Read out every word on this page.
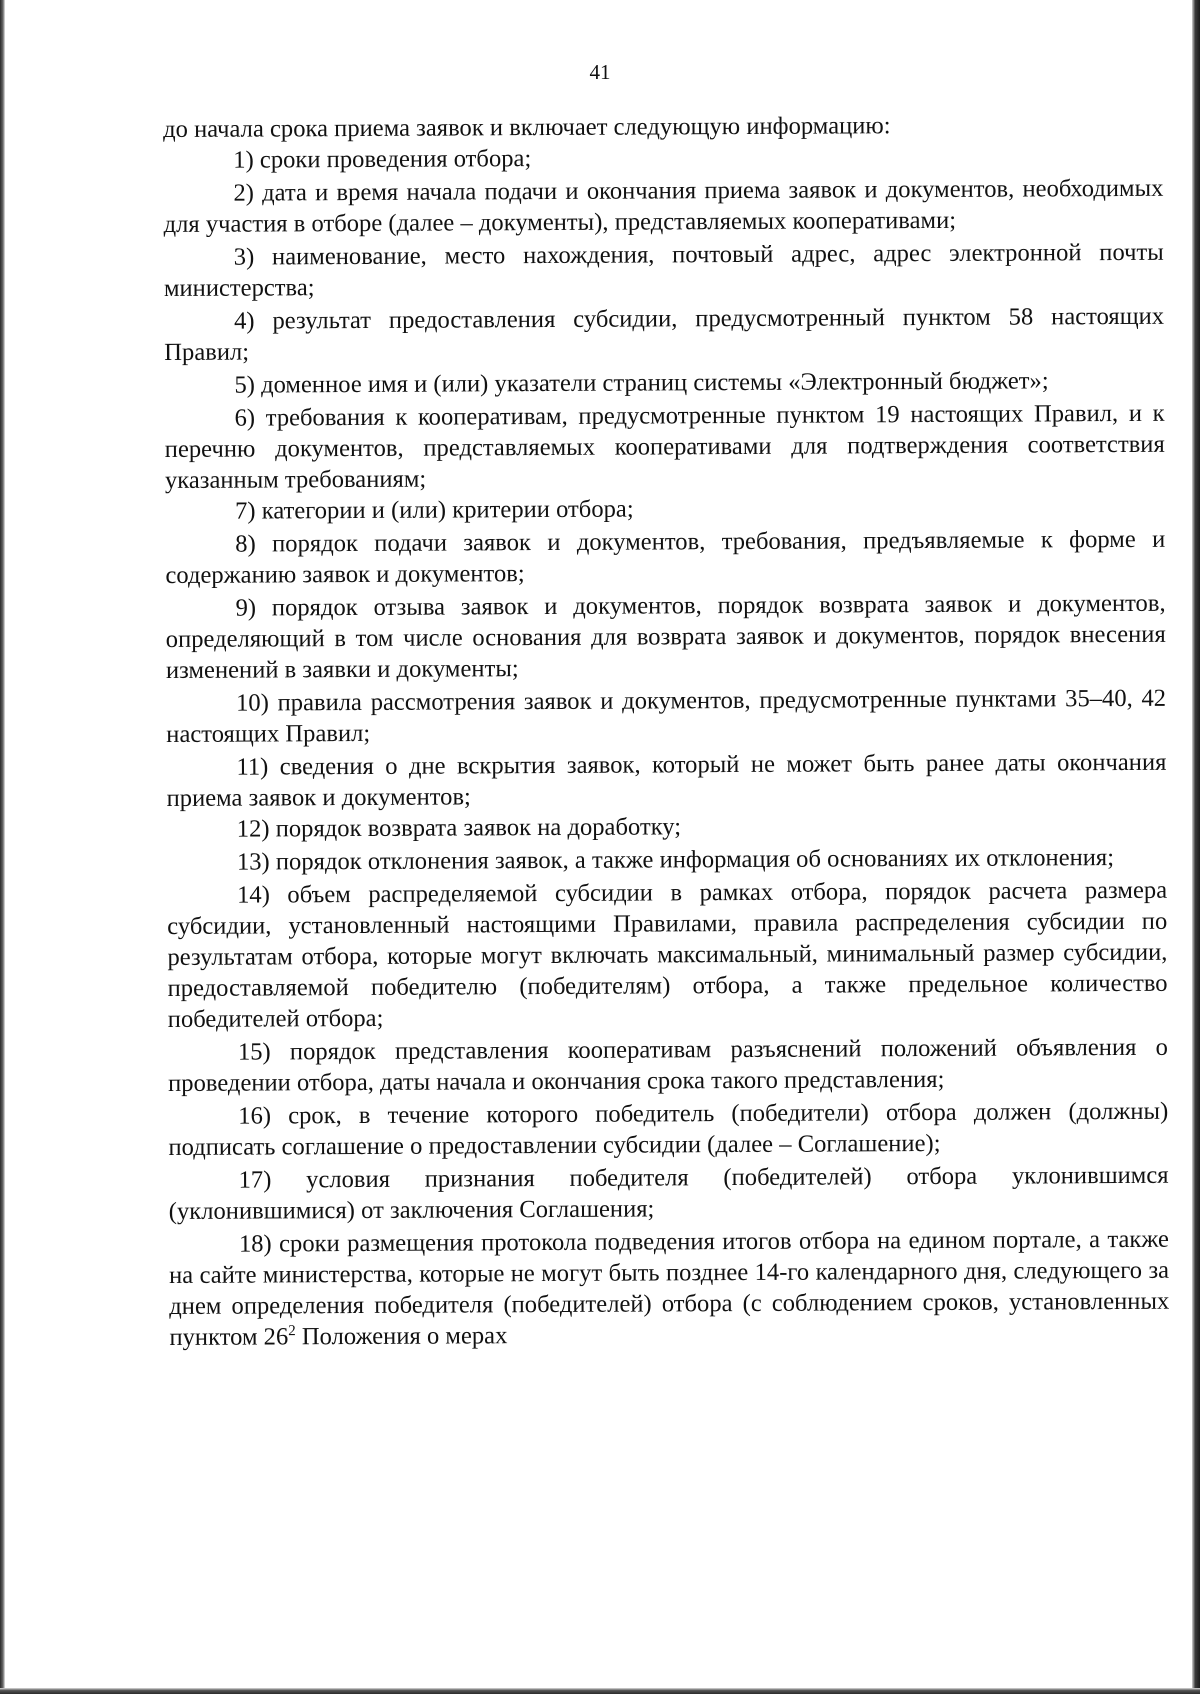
41

до начала срока приема заявок и включает следующую информацию:

1) сроки проведения отбора;

2) дата и время начала подачи и окончания приема заявок и документов, необходимых для участия в отборе (далее – документы), представляемых кооперативами;

3) наименование, место нахождения, почтовый адрес, адрес электронной почты министерства;

4) результат предоставления субсидии, предусмотренный пунктом 58 настоящих Правил;

5) доменное имя и (или) указатели страниц системы «Электронный бюджет»;

6) требования к кооперативам, предусмотренные пунктом 19 настоящих Правил, и к перечню документов, представляемых кооперативами для подтверждения соответствия указанным требованиям;

7) категории и (или) критерии отбора;

8) порядок подачи заявок и документов, требования, предъявляемые к форме и содержанию заявок и документов;

9) порядок отзыва заявок и документов, порядок возврата заявок и документов, определяющий в том числе основания для возврата заявок и документов, порядок внесения изменений в заявки и документы;

10) правила рассмотрения заявок и документов, предусмотренные пунктами 35–40, 42 настоящих Правил;

11) сведения о дне вскрытия заявок, который не может быть ранее даты окончания приема заявок и документов;

12) порядок возврата заявок на доработку;

13) порядок отклонения заявок, а также информация об основаниях их отклонения;

14) объем распределяемой субсидии в рамках отбора, порядок расчета размера субсидии, установленный настоящими Правилами, правила распределения субсидии по результатам отбора, которые могут включать максимальный, минимальный размер субсидии, предоставляемой победителю (победителям) отбора, а также предельное количество победителей отбора;

15) порядок представления кооперативам разъяснений положений объявления о проведении отбора, даты начала и окончания срока такого представления;

16) срок, в течение которого победитель (победители) отбора должен (должны) подписать соглашение о предоставлении субсидии (далее – Соглашение);

17) условия признания победителя (победителей) отбора уклонившимся (уклонившимися) от заключения Соглашения;

18) сроки размещения протокола подведения итогов отбора на едином портале, а также на сайте министерства, которые не могут быть позднее 14-го календарного дня, следующего за днем определения победителя (победителей) отбора (с соблюдением сроков, установленных пунктом $26^2$ Положения о мерах
